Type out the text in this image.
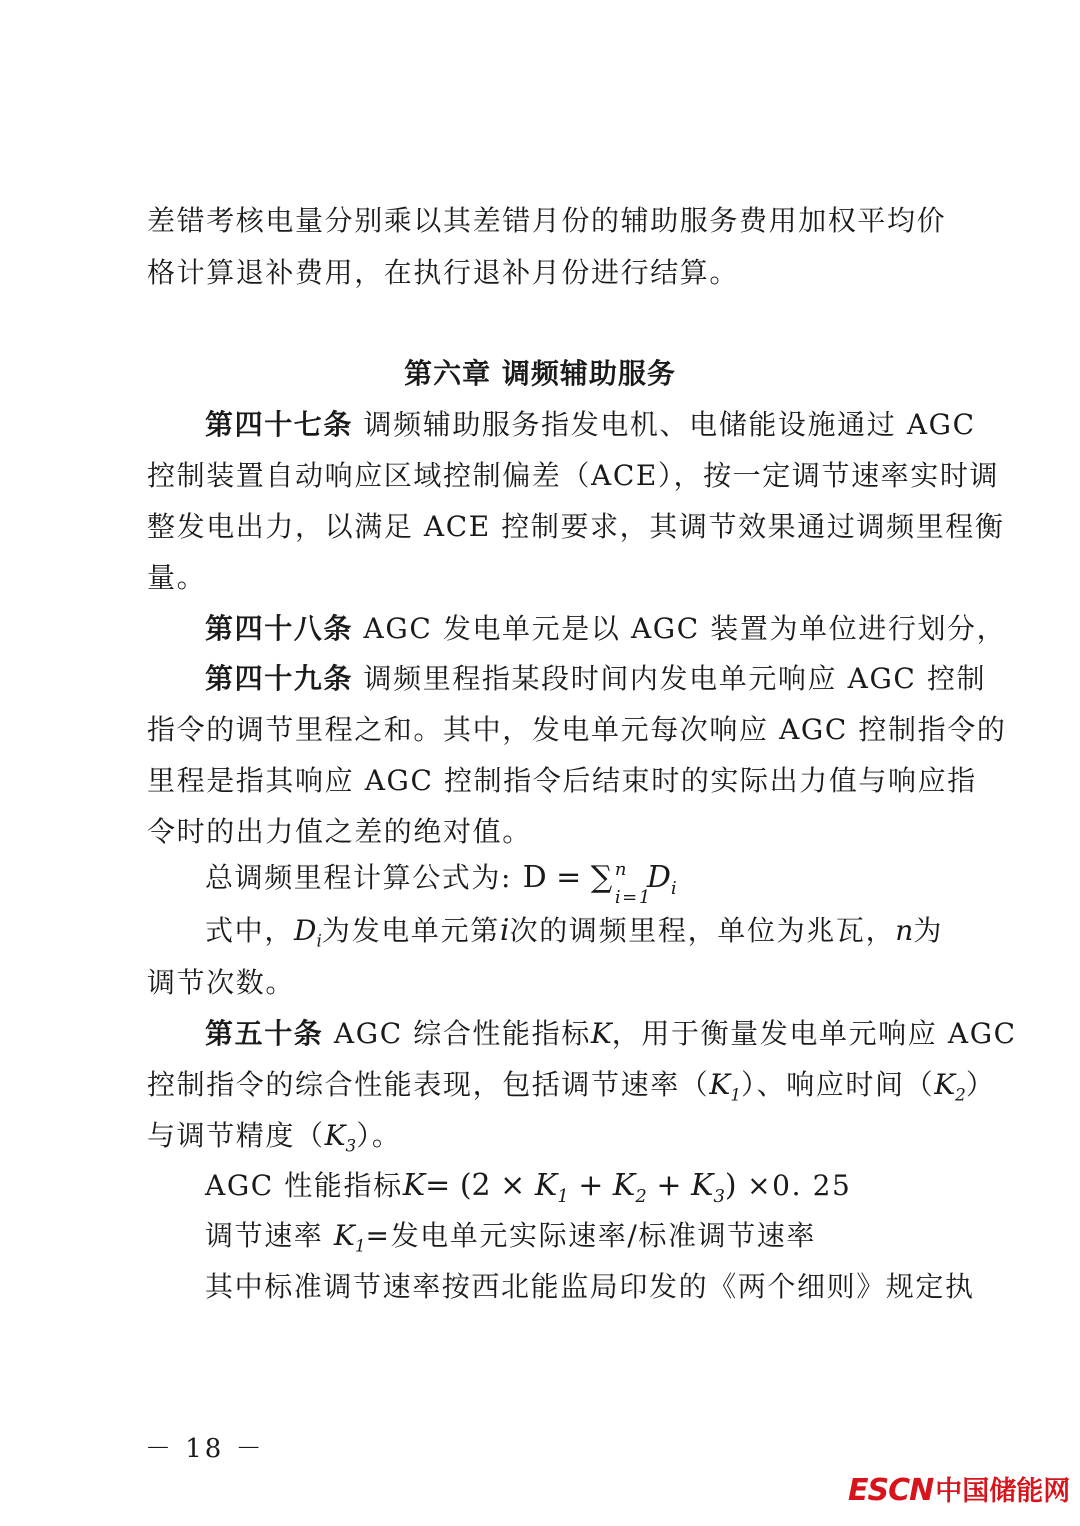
差错考核电量分别乘以其差错月份的辅助服务费用加权平均价
格计算退补费用，在执行退补月份进行结算。
第六章 调频辅助服务
第四十七条 调频辅助服务指发电机、电储能设施通过 AGC
控制装置自动响应区域控制偏差（ACE），按一定调节速率实时调
整发电出力，以满足 ACE 控制要求，其调节效果通过调频里程衡
量。
第四十八条 AGC 发电单元是以 AGC 装置为单位进行划分，
第四十九条 调频里程指某段时间内发电单元响应 AGC 控制
指令的调节里程之和。其中，发电单元每次响应 AGC 控制指令的
里程是指其响应 AGC 控制指令后结束时的实际出力值与响应指
令时的出力值之差的绝对值。
总调频里程计算公式为: D = ∑ n
i=1
$D_i$
式中，$D_i$为发电单元第i次的调频里程，单位为兆瓦，n为
调节次数。
第五十条 AGC 综合性能指标K，用于衡量发电单元响应 AGC
控制指令的综合性能表现，包括调节速率$(K_1)$、响应时间$(K_2)$
与调节精度$(K_3)$。
AGC 性能指标$K= (2 \times K_1 + K_2 + K_3) \times 0$. 25
调节速率 $K_1=$发电单元实际速率/标准调节速率
其中标准调节速率按西北能监局印发的《两个细则》规定执
－ 18 －
ESCN中国储能网
